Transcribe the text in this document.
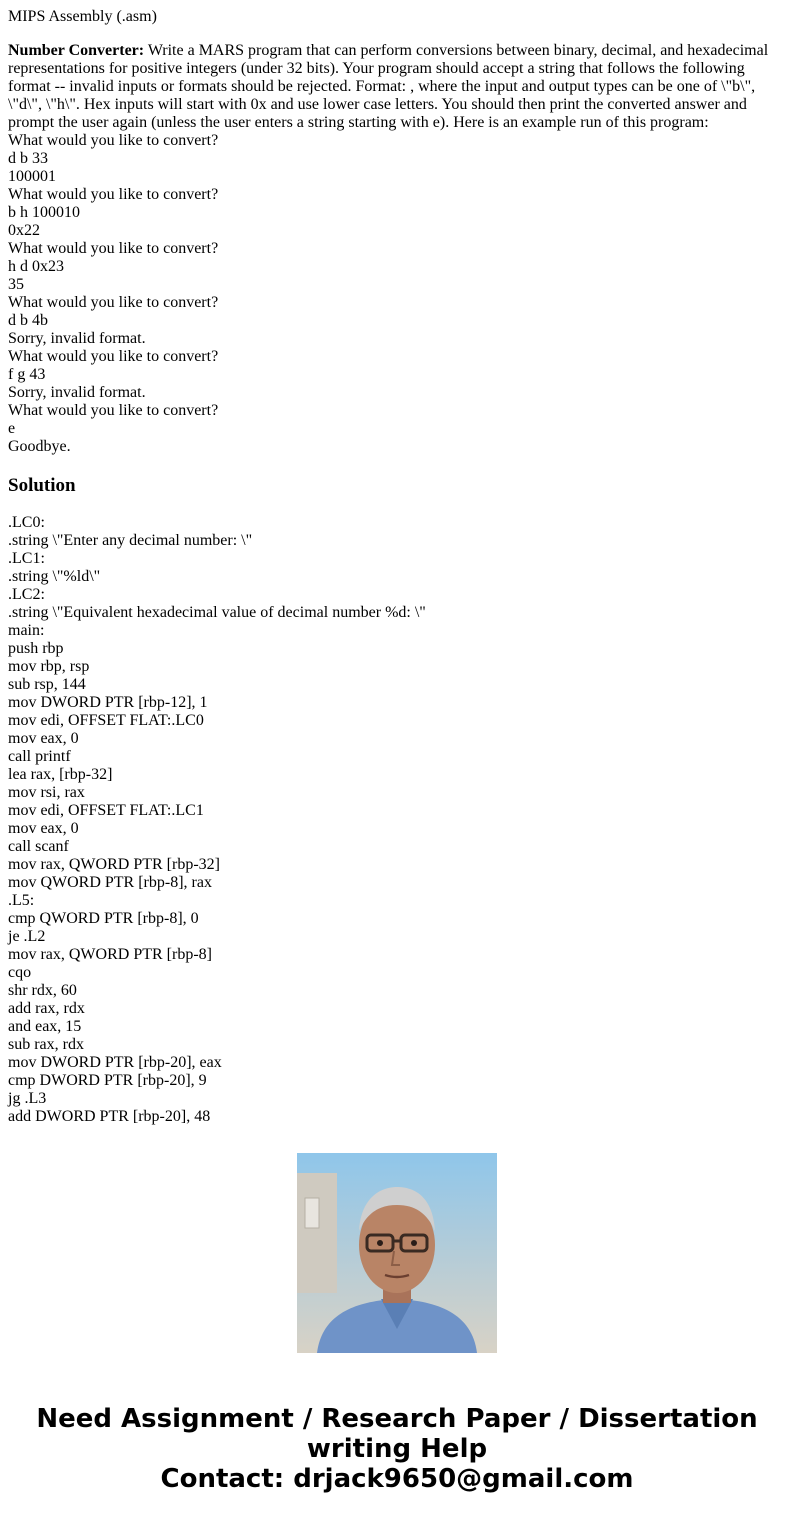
MIPS Assembly (.asm)
Number Converter: Write a MARS program that can perform conversions between binary, decimal, and hexadecimal representations for positive integers (under 32 bits). Your program should accept a string that follows the following format -- invalid inputs or formats should be rejected. Format: , where the input and output types can be one of \"b\", \"d\", \"h\". Hex inputs will start with 0x and use lower case letters. You should then print the converted answer and prompt the user again (unless the user enters a string starting with e). Here is an example run of this program:
What would you like to convert?
d b 33
100001
What would you like to convert?
b h 100010
0x22
What would you like to convert?
h d 0x23
35
What would you like to convert?
d b 4b
Sorry, invalid format.
What would you like to convert?
f g 43
Sorry, invalid format.
What would you like to convert?
e
Goodbye.
Solution
.LC0:
.string \"Enter any decimal number: \"
.LC1:
.string \"%ld\"
.LC2:
.string \"Equivalent hexadecimal value of decimal number %d: \"
main:
push rbp
mov rbp, rsp
sub rsp, 144
mov DWORD PTR [rbp-12], 1
mov edi, OFFSET FLAT:.LC0
mov eax, 0
call printf
lea rax, [rbp-32]
mov rsi, rax
mov edi, OFFSET FLAT:.LC1
mov eax, 0
call scanf
mov rax, QWORD PTR [rbp-32]
mov QWORD PTR [rbp-8], rax
.L5:
cmp QWORD PTR [rbp-8], 0
je .L2
mov rax, QWORD PTR [rbp-8]
cqo
shr rdx, 60
add rax, rdx
and eax, 15
sub rax, rdx
mov DWORD PTR [rbp-20], eax
cmp DWORD PTR [rbp-20], 9
jg .L3
add DWORD PTR [rbp-20], 48
Need Assignment / Research Paper / Dissertation
writing Help
Contact: drjack9650@gmail.com
